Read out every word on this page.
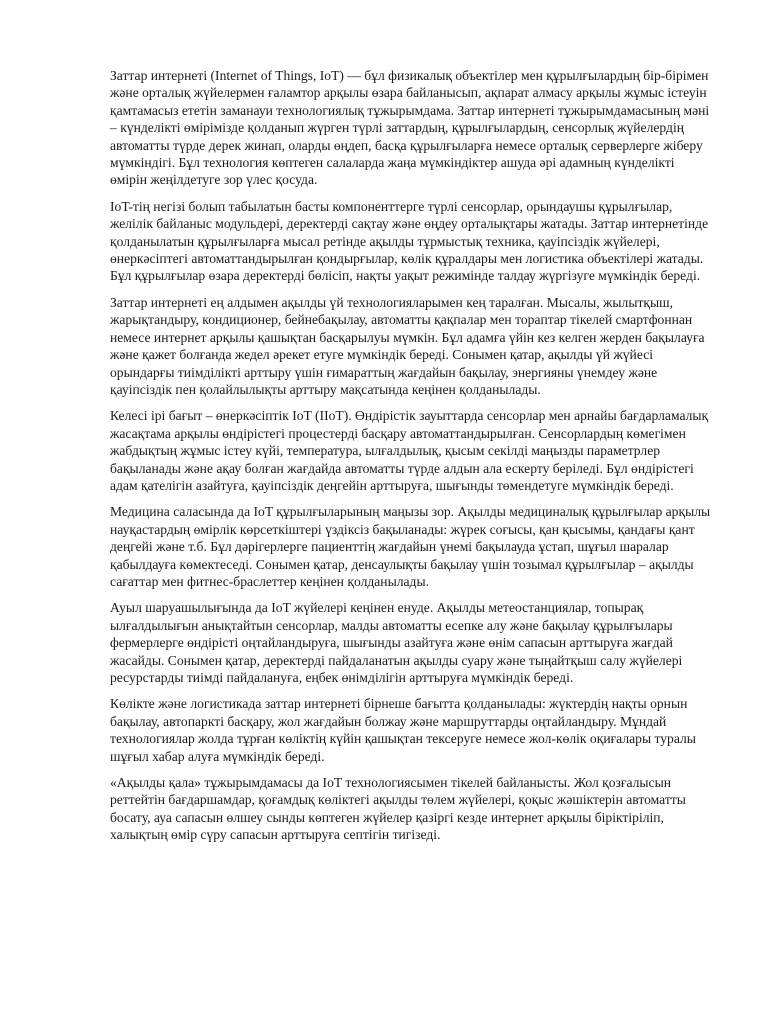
Заттар интернеті (Internet of Things, IoT) — бұл физикалық объектілер мен құрылғылардың бір-бірімен және орталық жүйелермен ғаламтор арқылы өзара байланысып, ақпарат алмасу арқылы жұмыс істеуін қамтамасыз ететін заманауи технологиялық тұжырымдама. Заттар интернеті тұжырымдамасының мәні – күнделікті өмірімізде қолданып жүрген түрлі заттардың, құрылғылардың, сенсорлық жүйелердің автоматты түрде дерек жинап, оларды өңдеп, басқа құрылғыларға немесе орталық серверлерге жіберу мүмкіндігі. Бұл технология көптеген салаларда жаңа мүмкіндіктер ашуда әрі адамның күнделікті өмірін жеңілдетуге зор үлес қосуда.

IoT-тің негізі болып табылатын басты компоненттерге түрлі сенсорлар, орындаушы құрылғылар, желілік байланыс модульдері, деректерді сақтау және өңдеу орталықтары жатады. Заттар интернетінде қолданылатын құрылғыларға мысал ретінде ақылды тұрмыстық техника, қауіпсіздік жүйелері, өнеркәсіптегі автоматтандырылған қондырғылар, көлік құралдары мен логистика объектілері жатады. Бұл құрылғылар өзара деректерді бөлісіп, нақты уақыт режимінде талдау жүргізуге мүмкіндік береді.

Заттар интернеті ең алдымен ақылды үй технологияларымен кең таралған. Мысалы, жылытқыш, жарықтандыру, кондиционер, бейнебақылау, автоматты қақпалар мен торaптар тікелей смартфоннан немесе интернет арқылы қашықтан басқарылуы мүмкін. Бұл адамға үйін кез келген жерден бақылауға және қажет болғанда жедел әрекет етуге мүмкіндік береді. Сонымен қатар, ақылды үй жүйесі орындарғы тиімділікті арттыру үшін ғимараттың жағдайын бақылау, энергияны үнемдеу және қауіпсіздік пен қолайлылықты арттыру мақсатында кеңінен қолданылады.

Келесі ірі бағыт – өнеркәсіптік IoT (IIoT). Өндірістік зауыттарда сенсорлар мен арнайы бағдарламалық жасақтама арқылы өндірістегі процестерді басқару автоматтандырылған. Сенсорлардың көмегімен жабдықтың жұмыс істеу күйі, температура, ылғалдылық, қысым секілді маңызды параметрлер бақыланады және ақау болған жағдайда автоматты түрде алдын ала ескерту беріледі. Бұл өндірістегі адам қателігін азайтуға, қауіпсіздік деңгейін арттыруға, шығынды төмендетуге мүмкіндік береді.

Медицина саласында да IoT құрылғыларының маңызы зор. Ақылды медициналық құрылғылар арқылы науқастардың өмірлік көрсеткіштері үздіксіз бақыланады: жүрек соғысы, қан қысымы, қандағы қант деңгейі және т.б. Бұл дәрігерлерге пациенттің жағдайын үнемі бақылауда ұстап, шұғыл шаралар қабылдауға көмектеседі. Сонымен қатар, денсаулықты бақылау үшін тозымал құрылғылар – ақылды сағаттар мен фитнес-браслеттер кеңінен қолданылады.

Ауыл шаруашылығында да IoT жүйелері кеңінен енуде. Ақылды метеостанциялар, топырақ ылғалдылығын анықтайтын сенсорлар, малды автоматты есепке алу және бақылау құрылғылары фермерлерге өндірісті оңтайландыруға, шығынды азайтуға және өнім сапасын арттыруға жағдай жасайды. Сонымен қатар, деректерді пайдаланатын ақылды суару және тыңайтқыш салу жүйелері ресурстарды тиімді пайдалануға, еңбек өнімділігін арттыруға мүмкіндік береді.

Көлікте және логистикада заттар интернеті бірнеше бағытта қолданылады: жүктердің нақты орнын бақылау, автопаркті басқару, жол жағдайын болжау және маршруттарды оңтайландыру. Мұндай технологиялар жолда тұрған көліктің күйін қашықтан тексеруге немесе жол-көлік оқиғалары туралы шұғыл хабар алуға мүмкіндік береді.

«Ақылды қала» тұжырымдамасы да IoT технологиясымен тікелей байланысты. Жол қозғалысын реттейтін бағдаршамдар, қоғамдық көліктегі ақылды төлем жүйелері, қоқыс жәшіктерін автоматты босату, ауа сапасын өлшеу сынды көптеген жүйелер қазіргі кезде интернет арқылы біріктіріліп, халықтың өмір сүру сапасын арттыруға септігін тигізеді.
